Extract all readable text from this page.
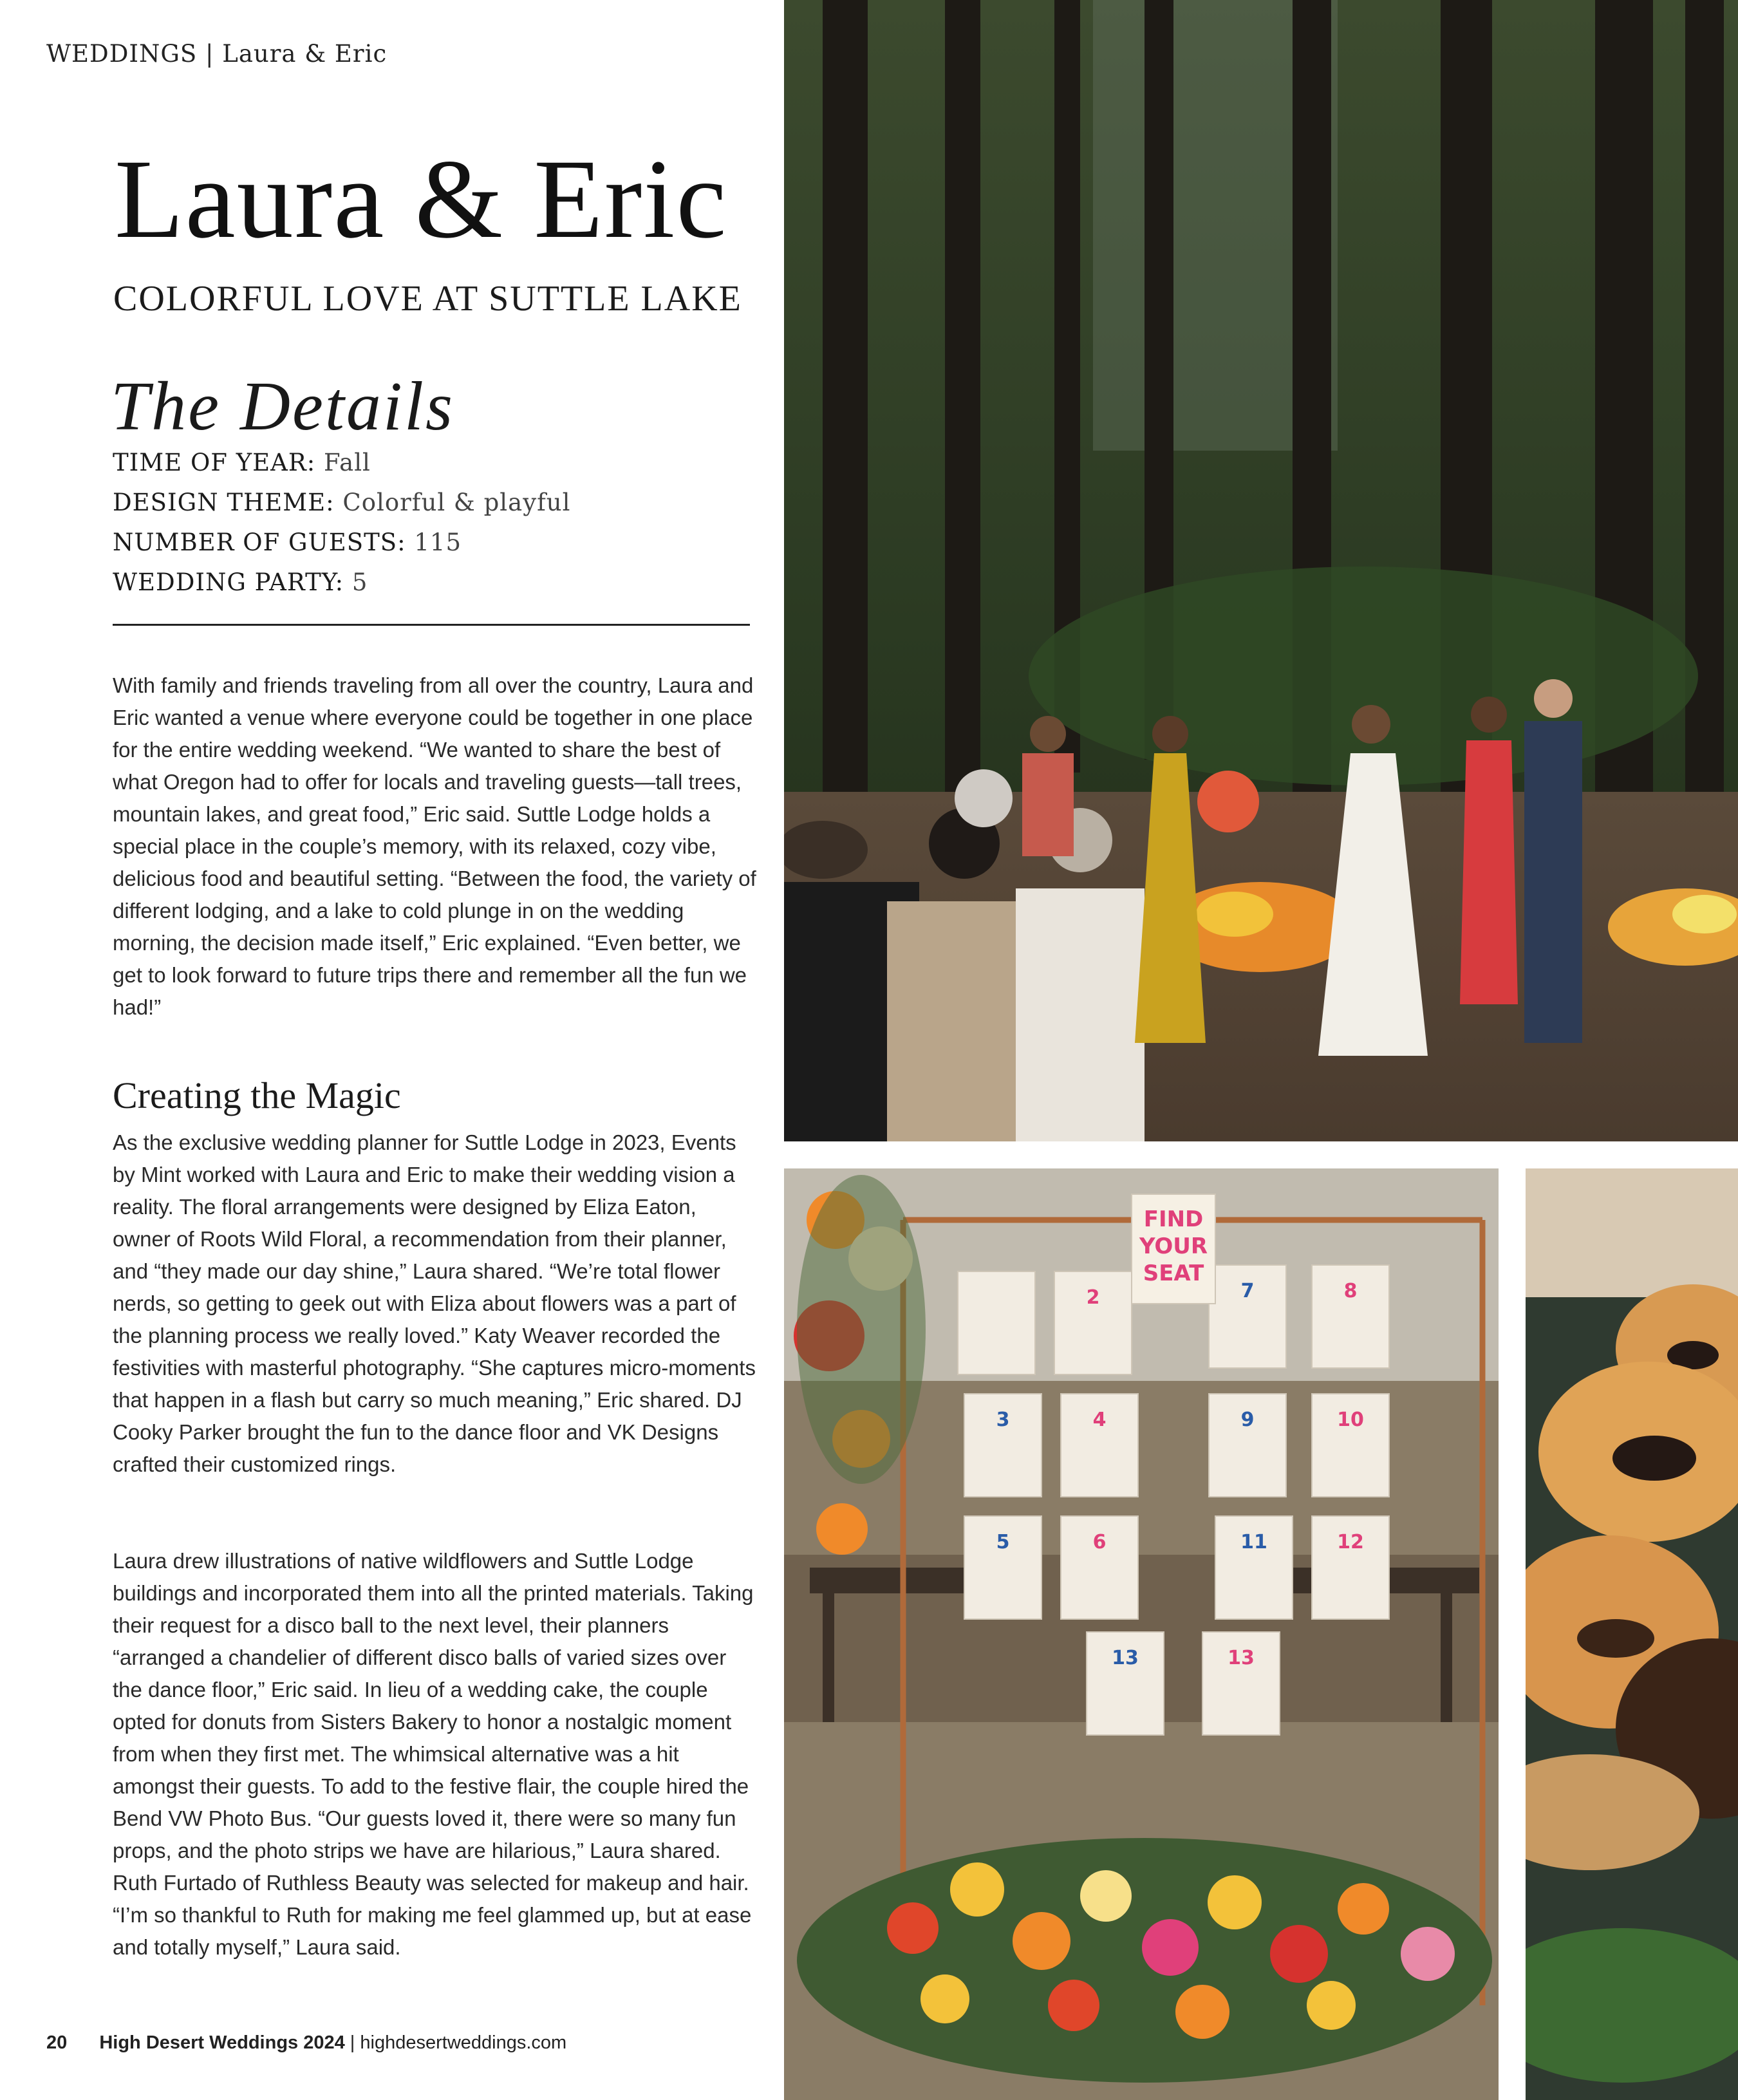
WEDDINGS | Laura & Eric
Laura & Eric
COLORFUL LOVE AT SUTTLE LAKE
The Details
TIME OF YEAR: Fall
DESIGN THEME: Colorful & playful
NUMBER OF GUESTS: 115
WEDDING PARTY: 5

With family and friends traveling from all over the country, Laura and Eric wanted a venue where everyone could be together in one place for the entire wedding weekend. “We wanted to share the best of what Oregon had to offer for locals and traveling guests—tall trees, mountain lakes, and great food,” Eric said. Suttle Lodge holds a special place in the couple’s memory, with its relaxed, cozy vibe, delicious food and beautiful setting. “Between the food, the variety of different lodging, and a lake to cold plunge in on the wedding morning, the decision made itself,” Eric explained. “Even better, we get to look forward to future trips there and remember all the fun we had!”

Creating the Magic

As the exclusive wedding planner for Suttle Lodge in 2023, Events by Mint worked with Laura and Eric to make their wedding vision a reality. The floral arrangements were designed by Eliza Eaton, owner of Roots Wild Floral, a recommendation from their planner, and “they made our day shine,” Laura shared. “We’re total flower nerds, so getting to geek out with Eliza about flowers was a part of the planning process we really loved.” Katy Weaver recorded the festivities with masterful photography. “She captures micro-moments that happen in a flash but carry so much meaning,” Eric shared. DJ Cooky Parker brought the fun to the dance floor and VK Designs crafted their customized rings.

Laura drew illustrations of native wildflowers and Suttle Lodge buildings and incorporated them into all the printed materials. Taking their request for a disco ball to the next level, their planners “arranged a chandelier of different disco balls of varied sizes over the dance floor,” Eric said. In lieu of a wedding cake, the couple opted for donuts from Sisters Bakery to honor a nostalgic moment from when they first met. The whimsical alternative was a hit amongst their guests. To add to the festive flair, the couple hired the Bend VW Photo Bus. “Our guests loved it, there were so many fun props, and the photo strips we have are hilarious,” Laura shared. Ruth Furtado of Ruthless Beauty was selected for makeup and hair. “I’m so thankful to Ruth for making me feel glammed up, but at ease and totally myself,” Laura said.

20 High Desert Weddings 2024 | highdesertweddings.com
FIND
YOUR
SEAT
2	7	8
3	4	9	10
5	6	11	12
13	13
